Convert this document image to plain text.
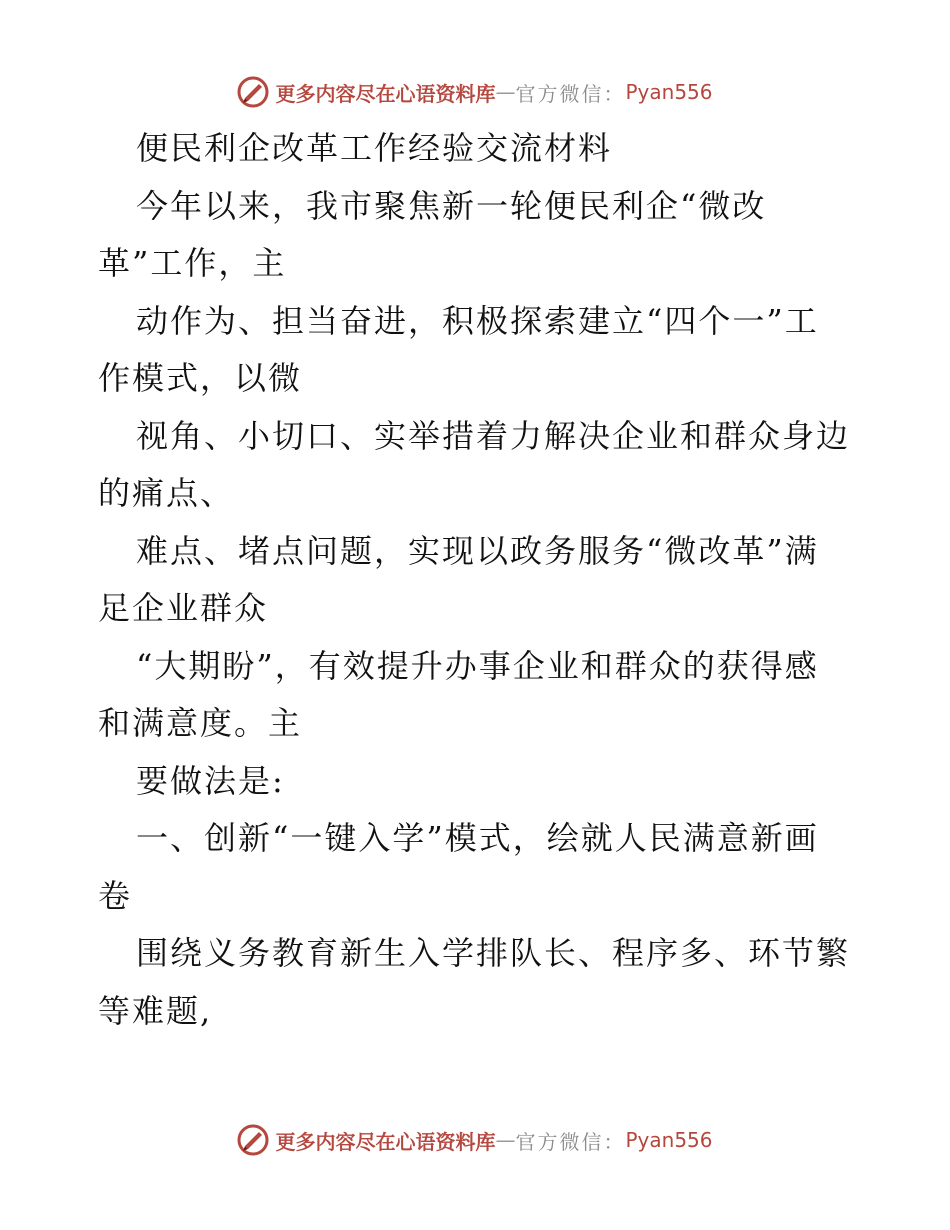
更多内容尽在心语资料库 — 官方微信： Pyan556
便民利企改革工作经验交流材料
今年以来，我市聚焦新一轮便民利企“微改
革”工作，主
动作为、担当奋进，积极探索建立“四个一”工
作模式，以微
视角、小切口、实举措着力解决企业和群众身边
的痛点、
难点、堵点问题，实现以政务服务“微改革”满
足企业群众
“大期盼”，有效提升办事企业和群众的获得感
和满意度。主
要做法是:
一、创新“一键入学”模式，绘就人民满意新画
卷
围绕义务教育新生入学排队长、程序多、环节繁
等难题,
更多内容尽在心语资料库 — 官方微信： Pyan556
